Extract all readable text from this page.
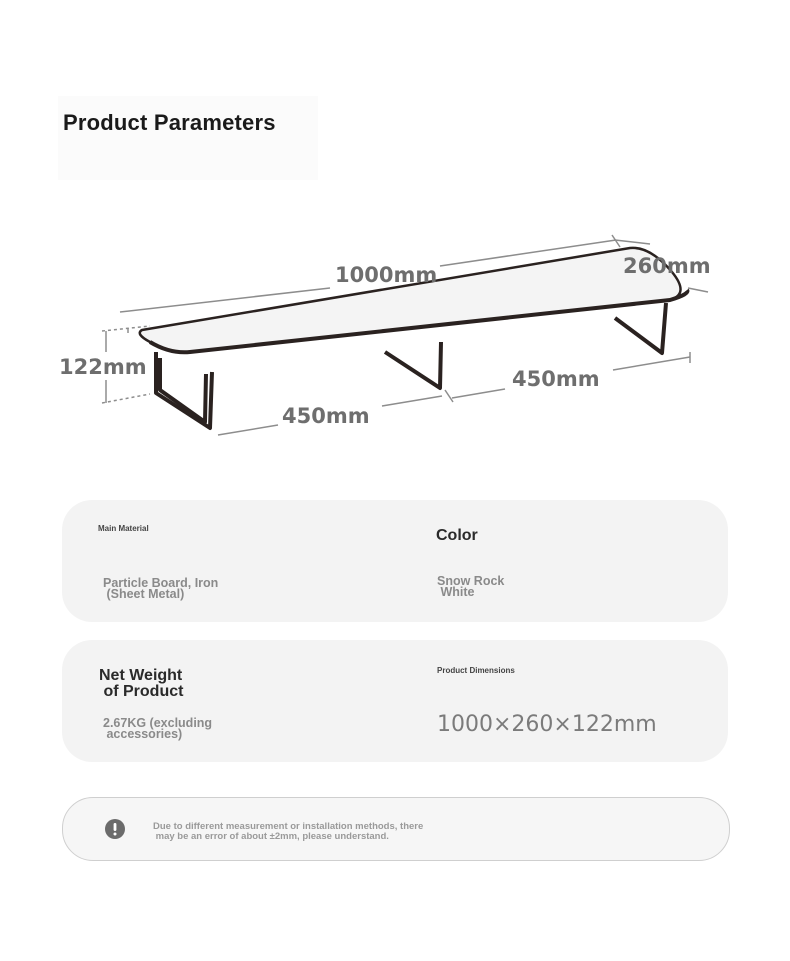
Product Parameters
1000mm	260mm
122mm
450mm
450mm
Main Material
Particle Board, Iron
(Sheet Metal)
Color
Snow Rock
White
Net Weight
of Product
2.67KG (excluding
accessories)
Product Dimensions
1000×260×122mm
Due to different measurement or installation methods, there
may be an error of about ±2mm, please understand.
